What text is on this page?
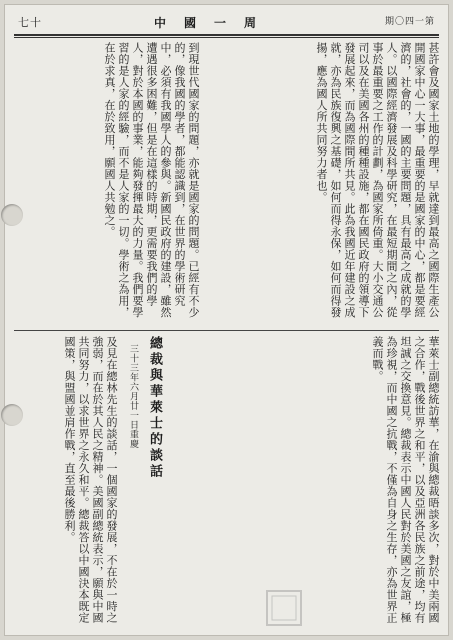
七十	中國一周	期〇四一第
甚許會及國家土地的學理，早就達到最高之國際生產公開國家中心一大事，最重要的是國家的中心，都是要經濟的，社會的，一國的主要問題，具有最高之成就的學人。以國際經濟發展及科學研究，在最短期間之內，從事於最重要之工作的計劃，為國家所倚重。大小交通公司以及在美國各州的種種設施，都在國民政府的領導下發展起來，而為國際間所共見。此為我國近年建設之成就，亦為民族復興之基礎，如何而得永保，如何而得發揚，應為國人所共同努力者也。
到現世代國家的問題，亦就是國家的問題。已經有不少的，像我國的學者，都能認識到，在世界的學術研究中，必須有我國學人的參與。新國民政府的建設，雖然遭遇很多困難，但是在這樣的時期，更需要我們的學人，對於本國的事業，能夠發揮最大的力量。我們要學習的是人家的經驗，而不是人家的一切。學術之為用，在於求真，在於致用，願國人共勉之。
華萊士副總統訪華，在渝與總裁晤談多次，對於中美兩國之合作，戰後世界之和平，以及亞洲各民族之前途，均有坦誠之交換意見。總裁表示中國人民對於美國之友誼，極為珍視，而中國之抗戰，不僅為自身之生存，亦為世界正義而戰。
總裁與華萊士的談話
三十三年六月廿一日重慶
及見在總林先生的談話，一個國家的發展，不在於一時之強弱，而在於其人民之精神。美國副總統表示，願與中國共同努力，以求世界之永久和平。總裁答以中國決本既定國策，與盟國並肩作戰，直至最後勝利。
